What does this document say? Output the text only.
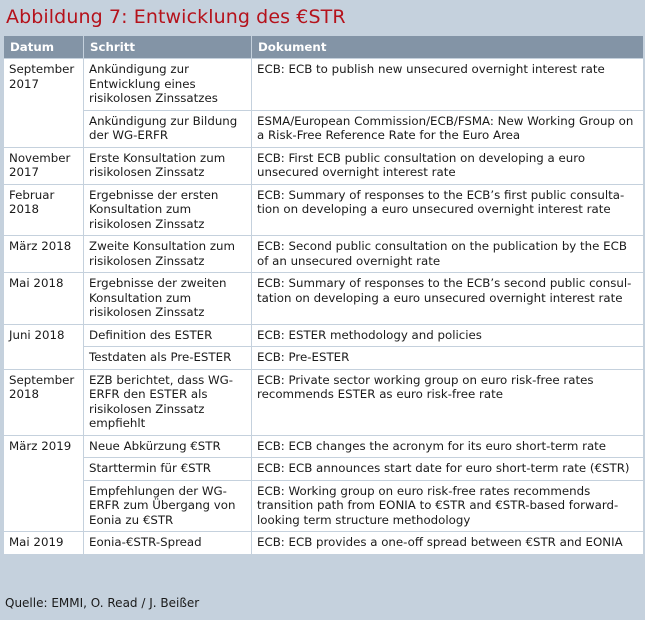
Abbildung 7: Entwicklung des €STR
Datum	Schritt	Dokument
September 2017	Ankündigung zur Entwicklung eines risikolosen Zinssatzes	ECB: ECB to publish new unsecured overnight interest rate
	Ankündigung zur Bildung der WG-ERFR	ESMA/European Commission/ECB/FSMA: New Working Group on a Risk-Free Reference Rate for the Euro Area
November 2017	Erste Konsultation zum risikolosen Zinssatz	ECB: First ECB public consultation on developing a euro unsecured overnight interest rate
Februar 2018	Ergebnisse der ersten Konsultation zum risikolosen Zinssatz	ECB: Summary of responses to the ECB’s first public consultation on developing a euro unsecured overnight interest rate
März 2018	Zweite Konsultation zum risikolosen Zinssatz	ECB: Second public consultation on the publication by the ECB of an unsecured overnight rate
Mai 2018	Ergebnisse der zweiten Konsultation zum risikolosen Zinssatz	ECB: Summary of responses to the ECB’s second public consultation on developing a euro unsecured overnight interest rate
Juni 2018	Definition des ESTER	ECB: ESTER methodology and policies
	Testdaten als Pre-ESTER	ECB: Pre-ESTER
September 2018	EZB berichtet, dass WG-ERFR den ESTER als risikolosen Zinssatz empfiehlt	ECB: Private sector working group on euro risk-free rates recommends ESTER as euro risk-free rate
März 2019	Neue Abkürzung €STR	ECB: ECB changes the acronym for its euro short-term rate
	Starttermin für €STR	ECB: ECB announces start date for euro short-term rate (€STR)
	Empfehlungen der WG-ERFR zum Übergang von Eonia zu €STR	ECB: Working group on euro risk-free rates recommends transition path from EONIA to €STR and €STR-based forward-looking term structure methodology
Mai 2019	Eonia-€STR-Spread	ECB: ECB provides a one-off spread between €STR and EONIA
Quelle: EMMI, O. Read / J. Beißer
